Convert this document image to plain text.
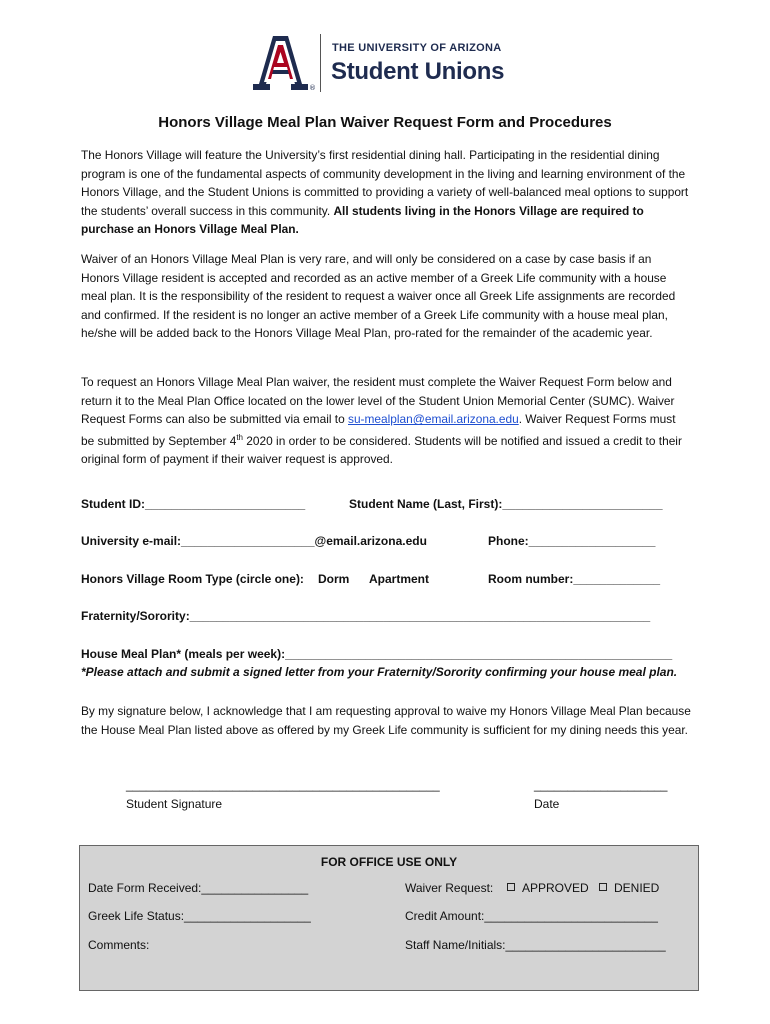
®
THE UNIVERSITY OF ARIZONA
Student Unions
Honors Village Meal Plan Waiver Request Form and Procedures
The Honors Village will feature the University’s first residential dining hall. Participating in the residential dining program is one of the fundamental aspects of community development in the living and learning environment of the Honors Village, and the Student Unions is committed to providing a variety of well-balanced meal options to support the students’ overall success in this community. All students living in the Honors Village are required to purchase an Honors Village Meal Plan.
Waiver of an Honors Village Meal Plan is very rare, and will only be considered on a case by case basis if an Honors Village resident is accepted and recorded as an active member of a Greek Life community with a house meal plan. It is the responsibility of the resident to request a waiver once all Greek Life assignments are recorded and confirmed. If the resident is no longer an active member of a Greek Life community with a house meal plan, he/she will be added back to the Honors Village Meal Plan, pro-rated for the remainder of the academic year.
To request an Honors Village Meal Plan waiver, the resident must complete the Waiver Request Form below and return it to the Meal Plan Office located on the lower level of the Student Union Memorial Center (SUMC). Waiver Request Forms can also be submitted via email to su-mealplan@email.arizona.edu. Waiver Request Forms must be submitted by September 4th 2020 in order to be considered. Students will be notified and issued a credit to their original form of payment if their waiver request is approved.
Student ID:________________________	Student Name (Last, First):________________________
University e-mail:____________________@email.arizona.edu	Phone:___________________
Honors Village Room Type (circle one): Dorm Apartment	Room number:_____________
Fraternity/Sorority:_____________________________________________________________________
House Meal Plan* (meals per week):__________________________________________________________
*Please attach and submit a signed letter from your Fraternity/Sorority confirming your house meal plan.
By my signature below, I acknowledge that I am requesting approval to waive my Honors Village Meal Plan because the House Meal Plan listed above as offered by my Greek Life community is sufficient for my dining needs this year.
_______________________________________________
Student Signature
____________________
Date
FOR OFFICE USE ONLY
Date Form Received:________________	Waiver Request:	APPROVED	DENIED
Greek Life Status:___________________	Credit Amount:__________________________
Comments:	Staff Name/Initials:________________________
